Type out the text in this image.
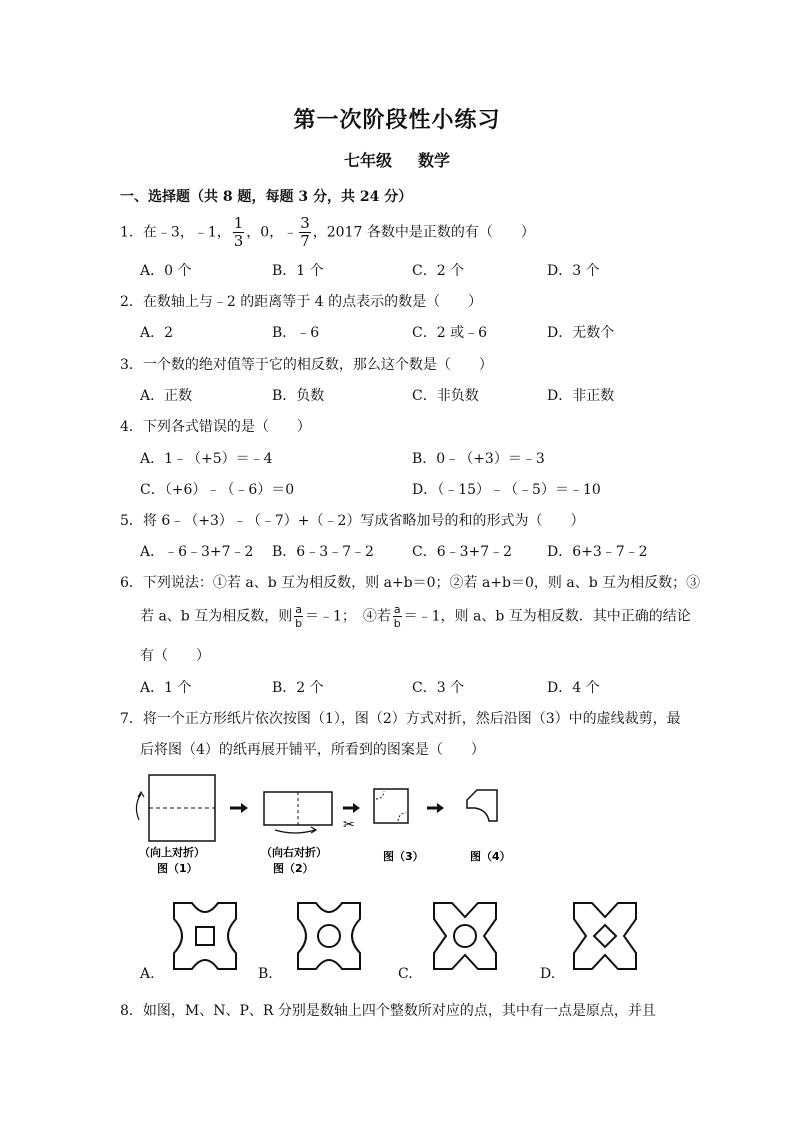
第一次阶段性小练习
七年级 数学
一、选择题（共 8 题，每题 3 分，共 24 分）
1．在﹣3，﹣1， $\frac{1}{3}$ ，0，﹣ $\frac{3}{7}$ ，2017 各数中是正数的有（　　）
A．0 个	B．1 个	C．2 个	D．3 个
2．在数轴上与﹣2 的距离等于 4 的点表示的数是（　　）
A．2	B．﹣6	C．2 或﹣6	D．无数个
3．一个数的绝对值等于它的相反数，那么这个数是（　　）
A．正数	B．负数	C．非负数	D．非正数
4．下列各式错误的是（　　）
A．1﹣（+5）＝﹣4	B．0﹣（+3）＝﹣3
C．（+6）﹣（﹣6）＝0	D．（﹣15）﹣（﹣5）＝﹣10
5．将 6﹣（+3）﹣（﹣7）+（﹣2）写成省略加号的和的形式为（　　）
A．﹣6﹣3+7﹣2 B．6﹣3﹣7﹣2	C．6﹣3+7﹣2 D．6+3﹣7﹣2
6．下列说法：①若 a、b 互为相反数，则 a+b＝0；②若 a+b＝0，则 a、b 互为相反数；③
若 a、b 互为相反数，则 $\frac{a}{b}$ ＝﹣1；　④若 $\frac{a}{b}$ ＝﹣1，则 a、b 互为相反数．其中正确的结论
有（　　）
A．1 个	B．2 个	C．3 个	D．4 个
7．将一个正方形纸片依次按图（1），图（2）方式对折，然后沿图（3）中的虚线裁剪，最
后将图（4）的纸再展开铺平，所看到的图案是（　　）
✂
（向上对折）
图（1）
（向右对折）
图（2）
图（3）	图（4）
A.	B.	C.	D.
8．如图，M、N、P、R 分别是数轴上四个整数所对应的点，其中有一点是原点，并且
